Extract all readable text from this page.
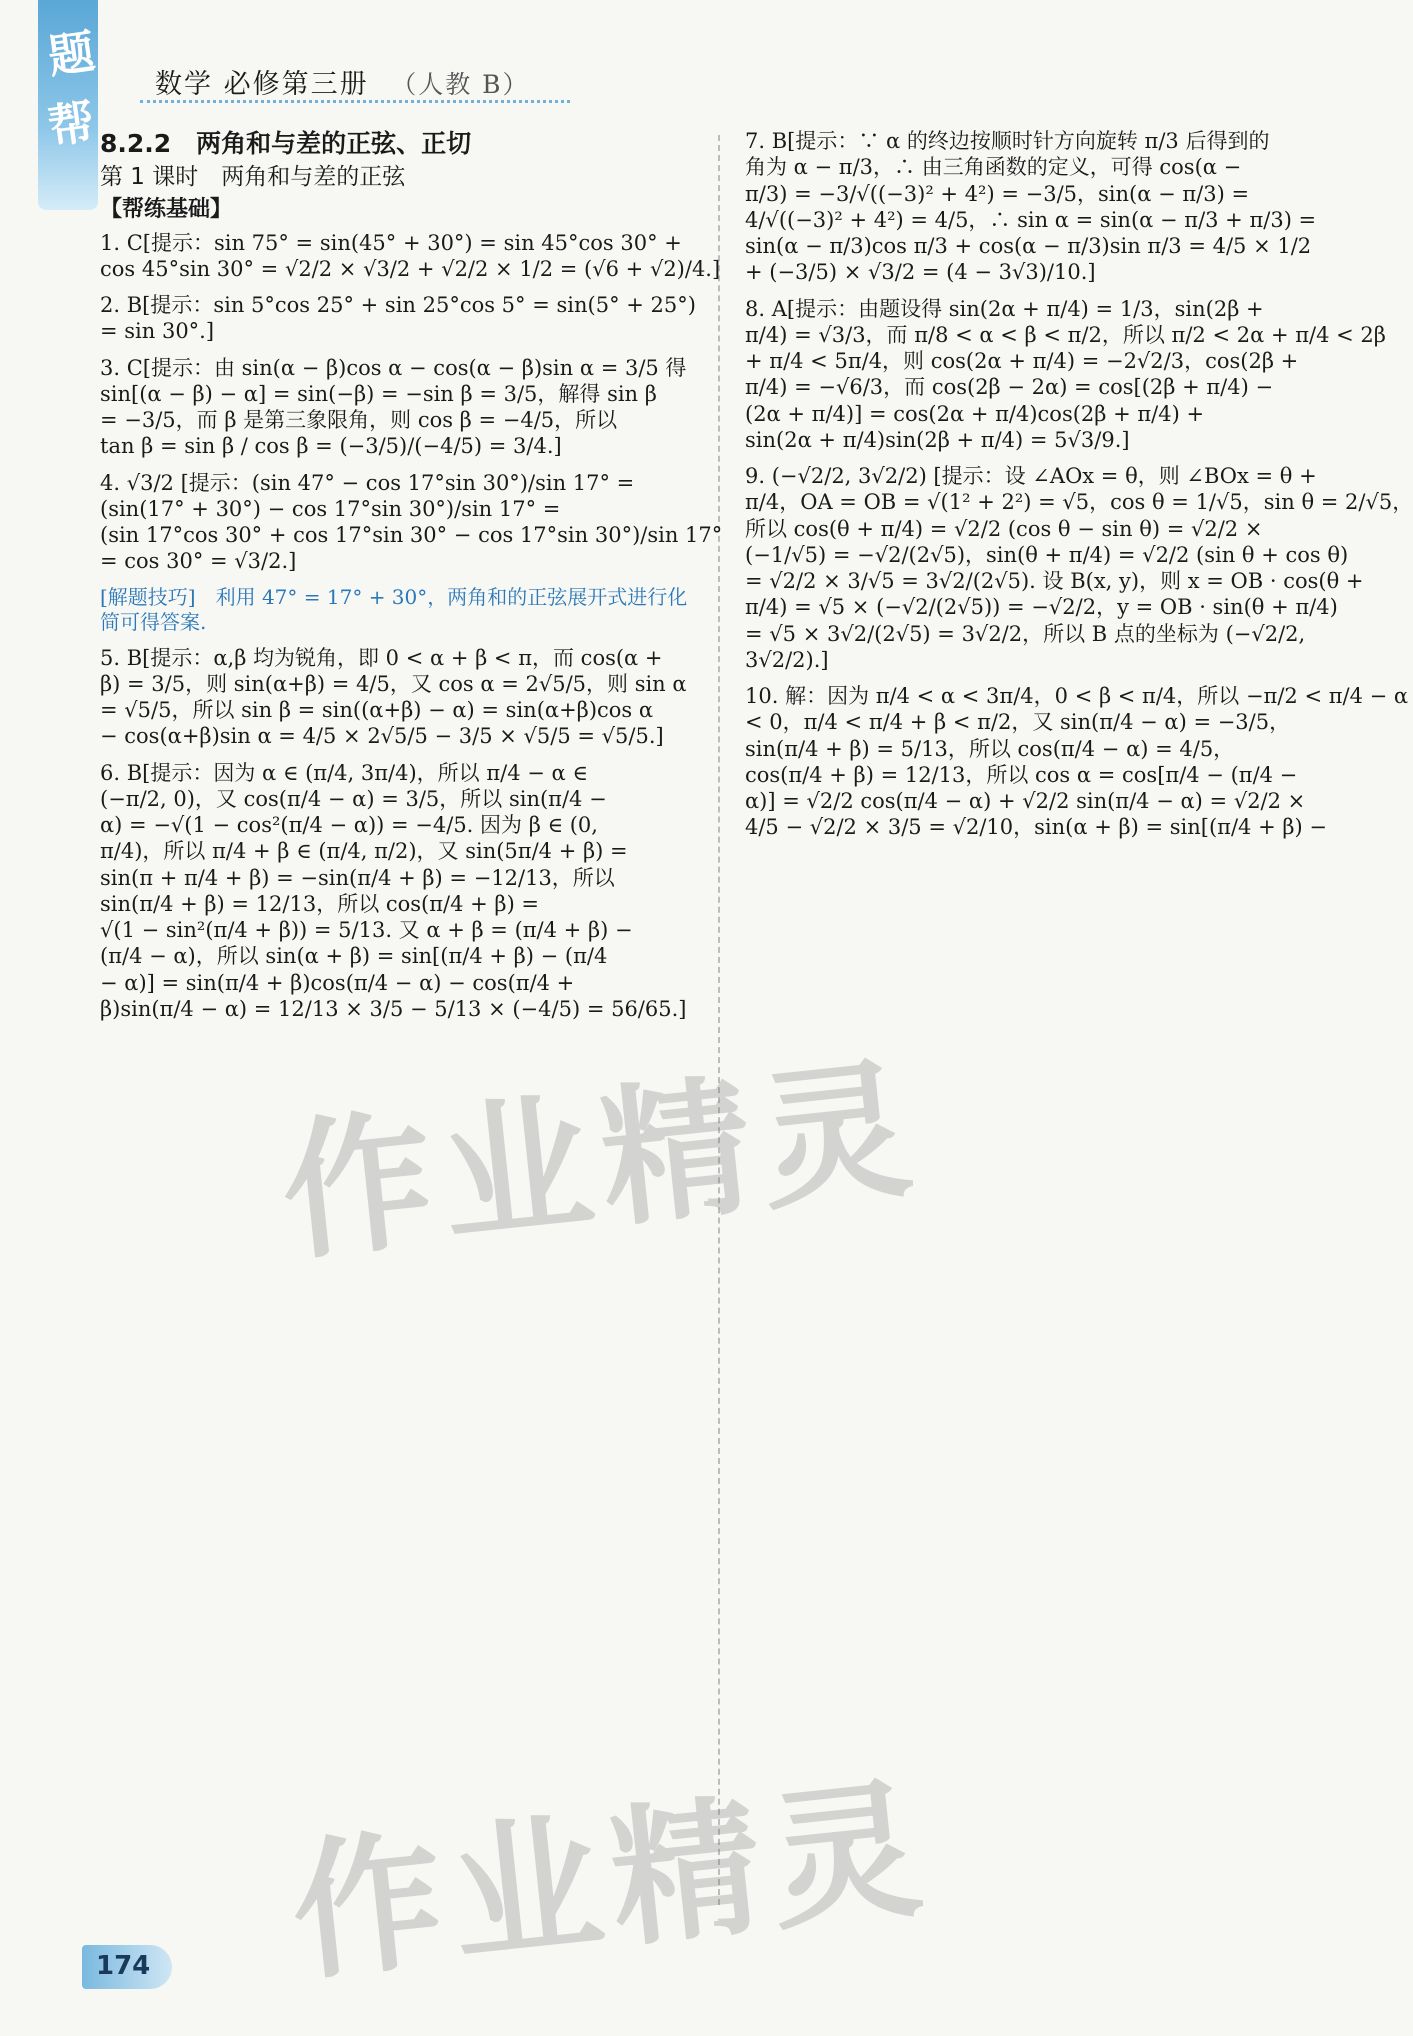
题
帮
数学 必修第三册 （人教 B）
8.2.2　两角和与差的正弦、正切
第 1 课时　两角和与差的正弦
【帮练基础】
1. C[提示：sin 75° = sin(45° + 30°) = sin 45°cos 30° +
cos 45°sin 30° = √2/2 × √3/2 + √2/2 × 1/2 = (√6 + √2)/4.]
2. B[提示：sin 5°cos 25° + sin 25°cos 5° = sin(5° + 25°)
= sin 30°.]
3. C[提示：由 sin(α − β)cos α − cos(α − β)sin α = 3/5 得
sin[(α − β) − α] = sin(−β) = −sin β = 3/5，解得 sin β
= −3/5，而 β 是第三象限角，则 cos β = −4/5，所以
tan β = sin β / cos β = (−3/5)/(−4/5) = 3/4.]
4. √3/2 [提示：(sin 47° − cos 17°sin 30°)/sin 17° =
(sin(17° + 30°) − cos 17°sin 30°)/sin 17° =
(sin 17°cos 30° + cos 17°sin 30° − cos 17°sin 30°)/sin 17°
= cos 30° = √3/2.]
[解题技巧]　利用 47° = 17° + 30°，两角和的正弦展开式进行化简可得答案.
5. B[提示：α,β 均为锐角，即 0 < α + β < π，而 cos(α +
β) = 3/5，则 sin(α+β) = 4/5，又 cos α = 2√5/5，则 sin α
= √5/5，所以 sin β = sin((α+β) − α) = sin(α+β)cos α
− cos(α+β)sin α = 4/5 × 2√5/5 − 3/5 × √5/5 = √5/5.]
6. B[提示：因为 α ∈ (π/4, 3π/4)，所以 π/4 − α ∈
(−π/2, 0)，又 cos(π/4 − α) = 3/5，所以 sin(π/4 −
α) = −√(1 − cos²(π/4 − α)) = −4/5. 因为 β ∈ (0,
π/4)，所以 π/4 + β ∈ (π/4, π/2)，又 sin(5π/4 + β) =
sin(π + π/4 + β) = −sin(π/4 + β) = −12/13，所以
sin(π/4 + β) = 12/13，所以 cos(π/4 + β) =
√(1 − sin²(π/4 + β)) = 5/13. 又 α + β = (π/4 + β) −
(π/4 − α)，所以 sin(α + β) = sin[(π/4 + β) − (π/4
− α)] = sin(π/4 + β)cos(π/4 − α) − cos(π/4 +
β)sin(π/4 − α) = 12/13 × 3/5 − 5/13 × (−4/5) = 56/65.]
7. B[提示：∵ α 的终边按顺时针方向旋转 π/3 后得到的
角为 α − π/3，∴ 由三角函数的定义，可得 cos(α −
π/3) = −3/√((−3)² + 4²) = −3/5，sin(α − π/3) =
4/√((−3)² + 4²) = 4/5，∴ sin α = sin(α − π/3 + π/3) =
sin(α − π/3)cos π/3 + cos(α − π/3)sin π/3 = 4/5 × 1/2
+ (−3/5) × √3/2 = (4 − 3√3)/10.]
8. A[提示：由题设得 sin(2α + π/4) = 1/3，sin(2β +
π/4) = √3/3，而 π/8 < α < β < π/2，所以 π/2 < 2α + π/4 < 2β
+ π/4 < 5π/4，则 cos(2α + π/4) = −2√2/3，cos(2β +
π/4) = −√6/3，而 cos(2β − 2α) = cos[(2β + π/4) −
(2α + π/4)] = cos(2α + π/4)cos(2β + π/4) +
sin(2α + π/4)sin(2β + π/4) = 5√3/9.]
9. (−√2/2, 3√2/2) [提示：设 ∠AOx = θ，则 ∠BOx = θ +
π/4，OA = OB = √(1² + 2²) = √5，cos θ = 1/√5，sin θ = 2/√5，
所以 cos(θ + π/4) = √2/2 (cos θ − sin θ) = √2/2 ×
(−1/√5) = −√2/(2√5)，sin(θ + π/4) = √2/2 (sin θ + cos θ)
= √2/2 × 3/√5 = 3√2/(2√5). 设 B(x, y)，则 x = OB · cos(θ +
π/4) = √5 × (−√2/(2√5)) = −√2/2，y = OB · sin(θ + π/4)
= √5 × 3√2/(2√5) = 3√2/2，所以 B 点的坐标为 (−√2/2,
3√2/2).]
10. 解：因为 π/4 < α < 3π/4，0 < β < π/4，所以 −π/2 < π/4 − α
< 0，π/4 < π/4 + β < π/2，又 sin(π/4 − α) = −3/5，
sin(π/4 + β) = 5/13，所以 cos(π/4 − α) = 4/5，
cos(π/4 + β) = 12/13，所以 cos α = cos[π/4 − (π/4 −
α)] = √2/2 cos(π/4 − α) + √2/2 sin(π/4 − α) = √2/2 ×
4/5 − √2/2 × 3/5 = √2/10，sin(α + β) = sin[(π/4 + β) −
作业精灵
作业精灵
174
